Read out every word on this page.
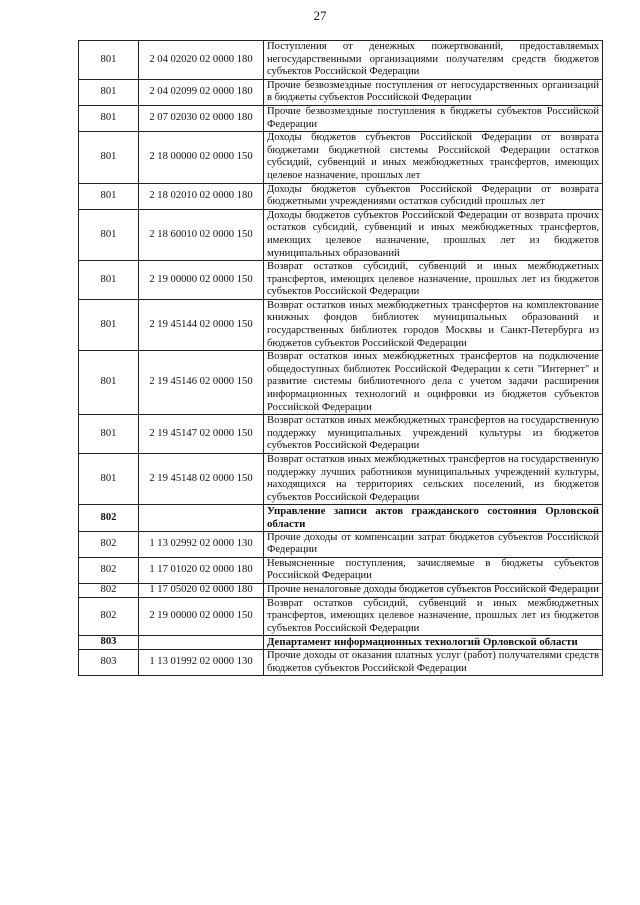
27
801	2 04 02020 02 0000 180	Поступления от денежных пожертвований, предоставляемых негосударственными организациями получателям средств бюджетов субъектов Российской Федерации
801	2 04 02099 02 0000 180	Прочие безвозмездные поступления от негосударственных организаций в бюджеты субъектов Российской Федерации
801	2 07 02030 02 0000 180	Прочие безвозмездные поступления в бюджеты субъектов Российской Федерации
801	2 18 00000 02 0000 150	Доходы бюджетов субъектов Российской Федерации от возврата бюджетами бюджетной системы Российской Федерации остатков субсидий, субвенций и иных межбюджетных трансфертов, имеющих целевое назначение, прошлых лет
801	2 18 02010 02 0000 180	Доходы бюджетов субъектов Российской Федерации от возврата бюджетными учреждениями остатков субсидий прошлых лет
801	2 18 60010 02 0000 150	Доходы бюджетов субъектов Российской Федерации от возврата прочих остатков субсидий, субвенций и иных межбюджетных трансфертов, имеющих целевое назначение, прошлых лет из бюджетов муниципальных образований
801	2 19 00000 02 0000 150	Возврат остатков субсидий, субвенций и иных межбюджетных трансфертов, имеющих целевое назначение, прошлых лет из бюджетов субъектов Российской Федерации
801	2 19 45144 02 0000 150	Возврат остатков иных межбюджетных трансфертов на комплектование книжных фондов библиотек муниципальных образований и государственных библиотек городов Москвы и Санкт-Петербурга из бюджетов субъектов Российской Федерации
801	2 19 45146 02 0000 150	Возврат остатков иных межбюджетных трансфертов на подключение общедоступных библиотек Российской Федерации к сети "Интернет" и развитие системы библиотечного дела с учетом задачи расширения информационных технологий и оцифровки из бюджетов субъектов Российской Федерации
801	2 19 45147 02 0000 150	Возврат остатков иных межбюджетных трансфертов на государственную поддержку муниципальных учреждений культуры из бюджетов субъектов Российской Федерации
801	2 19 45148 02 0000 150	Возврат остатков иных межбюджетных трансфертов на государственную поддержку лучших работников муниципальных учреждений культуры, находящихся на территориях сельских поселений, из бюджетов субъектов Российской Федерации
802		Управление записи актов гражданского состояния Орловской области
802	1 13 02992 02 0000 130	Прочие доходы от компенсации затрат бюджетов субъектов Российской Федерации
802	1 17 01020 02 0000 180	Невыясненные поступления, зачисляемые в бюджеты субъектов Российской Федерации
802	1 17 05020 02 0000 180	Прочие неналоговые доходы бюджетов субъектов Российской Федерации
802	2 19 00000 02 0000 150	Возврат остатков субсидий, субвенций и иных межбюджетных трансфертов, имеющих целевое назначение, прошлых лет из бюджетов субъектов Российской Федерации
803		Департамент информационных технологий Орловской области
803	1 13 01992 02 0000 130	Прочие доходы от оказания платных услуг (работ) получателями средств бюджетов субъектов Российской Федерации
